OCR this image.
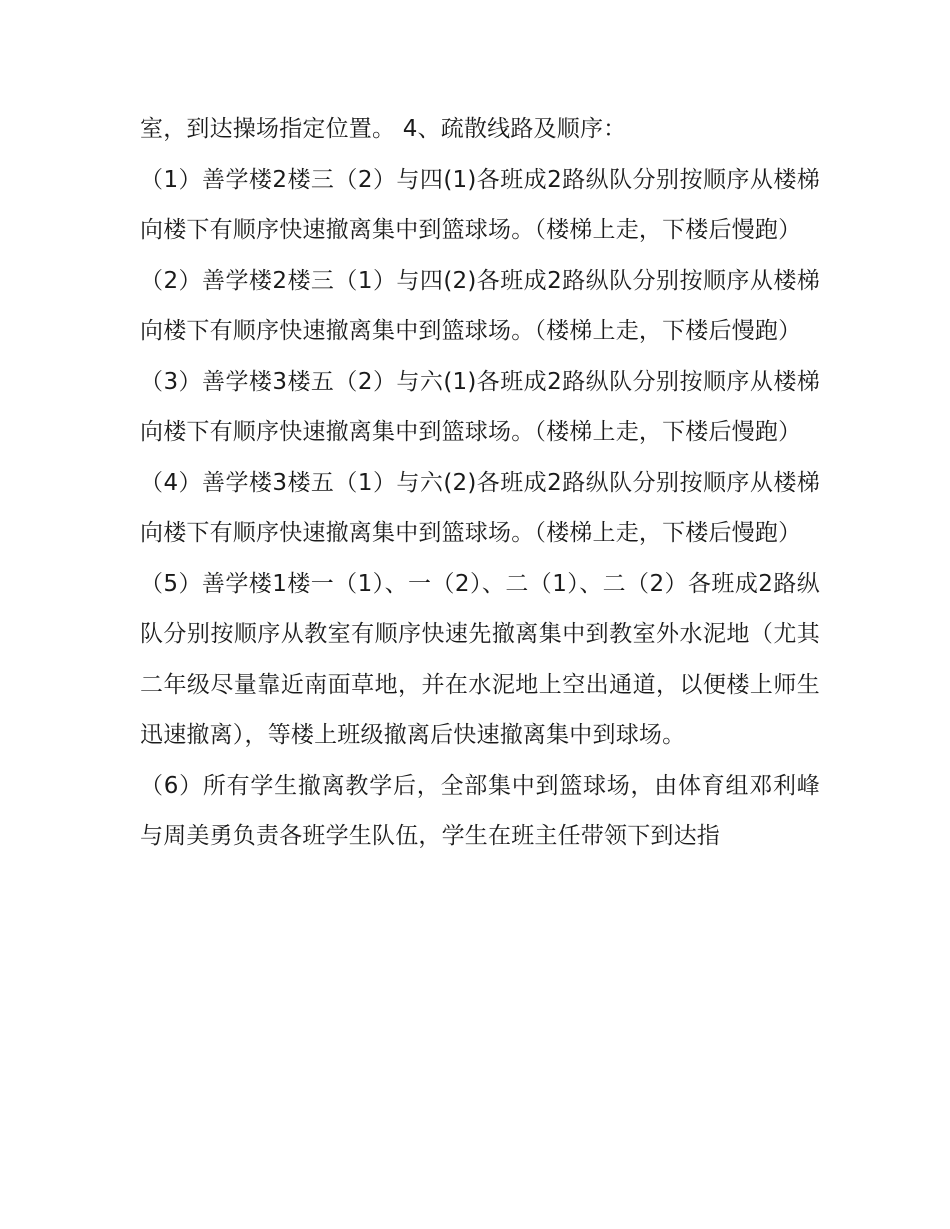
室，到达操场指定位置。 4、疏散线路及顺序：

（1）善学楼2楼三（2）与四(1)各班成2路纵队分别按顺序从楼梯向楼下有顺序快速撤离集中到篮球场。（楼梯上走，下楼后慢跑）

（2）善学楼2楼三（1）与四(2)各班成2路纵队分别按顺序从楼梯向楼下有顺序快速撤离集中到篮球场。（楼梯上走，下楼后慢跑）

（3）善学楼3楼五（2）与六(1)各班成2路纵队分别按顺序从楼梯向楼下有顺序快速撤离集中到篮球场。（楼梯上走，下楼后慢跑）

（4）善学楼3楼五（1）与六(2)各班成2路纵队分别按顺序从楼梯向楼下有顺序快速撤离集中到篮球场。（楼梯上走，下楼后慢跑）

（5）善学楼1楼一（1）、一（2）、二（1）、二（2）各班成2路纵队分别按顺序从教室有顺序快速先撤离集中到教室外水泥地（尤其二年级尽量靠近南面草地，并在水泥地上空出通道，以便楼上师生迅速撤离），等楼上班级撤离后快速撤离集中到球场。

（6）所有学生撤离教学后，全部集中到篮球场，由体育组邓利峰与周美勇负责各班学生队伍，学生在班主任带领下到达指
